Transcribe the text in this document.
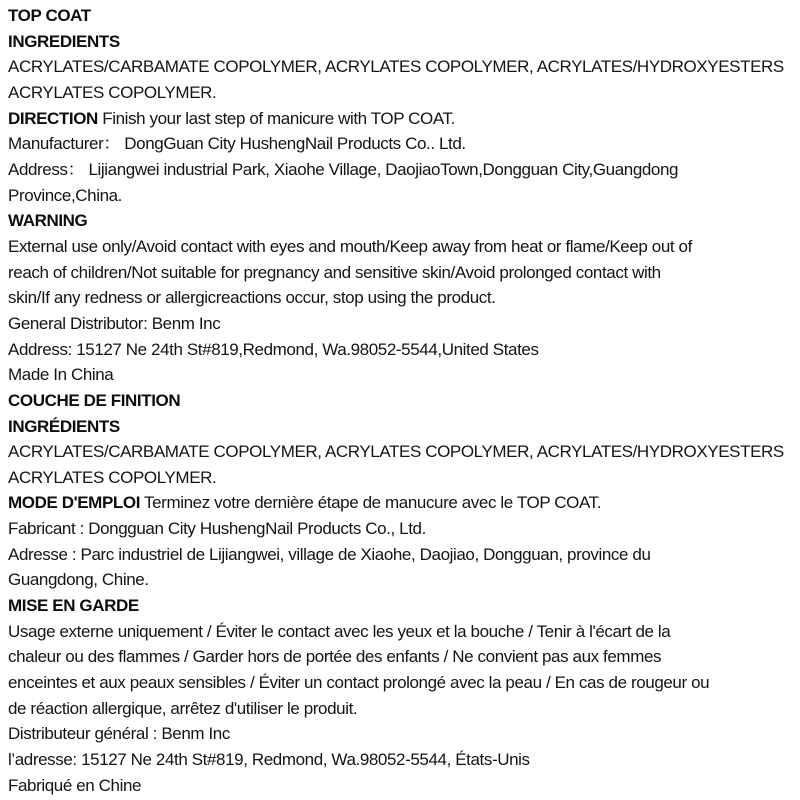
TOP COAT

INGREDIENTS

ACRYLATES/CARBAMATE COPOLYMER, ACRYLATES COPOLYMER, ACRYLATES/HYDROXYESTERS

ACRYLATES COPOLYMER.

DIRECTION Finish your last step of manicure with TOP COAT.

Manufacturer： DongGuan City HushengNail Products Co.. Ltd.

Address： Lijiangwei industrial Park, Xiaohe Village, DaojiaoTown,Dongguan City,Guangdong

Province,China.

WARNING

External use only/Avoid contact with eyes and mouth/Keep away from heat or flame/Keep out of

reach of children/Not suitable for pregnancy and sensitive skin/Avoid prolonged contact with

skin/If any redness or allergicreactions occur, stop using the product.

General Distributor: Benm Inc

Address: 15127 Ne 24th St#819,Redmond, Wa.98052-5544,United States

Made In China

COUCHE DE FINITION

INGRÉDIENTS

ACRYLATES/CARBAMATE COPOLYMER, ACRYLATES COPOLYMER, ACRYLATES/HYDROXYESTERS

ACRYLATES COPOLYMER.

MODE D'EMPLOI Terminez votre dernière étape de manucure avec le TOP COAT.

Fabricant : Dongguan City HushengNail Products Co., Ltd.

Adresse : Parc industriel de Lijiangwei, village de Xiaohe, Daojiao, Dongguan, province du

Guangdong, Chine.

MISE EN GARDE

Usage externe uniquement / Éviter le contact avec les yeux et la bouche / Tenir à l'écart de la

chaleur ou des flammes / Garder hors de portée des enfants / Ne convient pas aux femmes

enceintes et aux peaux sensibles / Éviter un contact prolongé avec la peau / En cas de rougeur ou

de réaction allergique, arrêtez d'utiliser le produit.

Distributeur général : Benm Inc

l’adresse: 15127 Ne 24th St#819, Redmond, Wa.98052-5544, États-Unis

Fabriqué en Chine
